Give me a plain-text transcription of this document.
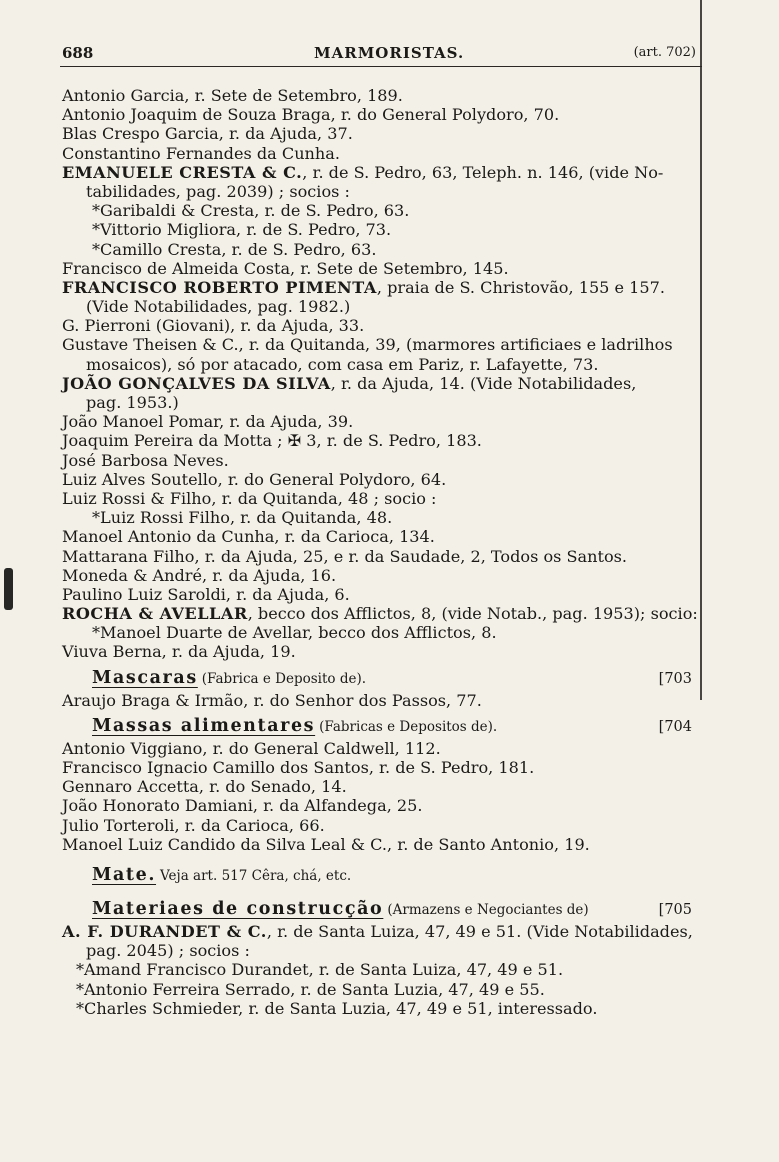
688	MARMORISTAS.	(art. 702)
Antonio Garcia, r. Sete de Setembro, 189.
Antonio Joaquim de Souza Braga, r. do General Polydoro, 70.
Blas Crespo Garcia, r. da Ajuda, 37.
Constantino Fernandes da Cunha.
EMANUELE CRESTA & C., r. de S. Pedro, 63, Teleph. n. 146, (vide No-
tabilidades, pag. 2039) ; socios :
*Garibaldi & Cresta, r. de S. Pedro, 63.
*Vittorio Migliora, r. de S. Pedro, 73.
*Camillo Cresta, r. de S. Pedro, 63.
Francisco de Almeida Costa, r. Sete de Setembro, 145.
FRANCISCO ROBERTO PIMENTA, praia de S. Christovão, 155 e 157.
(Vide Notabilidades, pag. 1982.)
G. Pierroni (Giovani), r. da Ajuda, 33.
Gustave Theisen & C., r. da Quitanda, 39, (marmores artificiaes e ladrilhos
mosaicos), só por atacado, com casa em Pariz, r. Lafayette, 73.
JOÃO GONÇALVES DA SILVA, r. da Ajuda, 14. (Vide Notabilidades,
pag. 1953.)
João Manoel Pomar, r. da Ajuda, 39.
Joaquim Pereira da Motta ; ✠ 3, r. de S. Pedro, 183.
José Barbosa Neves.
Luiz Alves Soutello, r. do General Polydoro, 64.
Luiz Rossi & Filho, r. da Quitanda, 48 ; socio :
*Luiz Rossi Filho, r. da Quitanda, 48.
Manoel Antonio da Cunha, r. da Carioca, 134.
Mattarana Filho, r. da Ajuda, 25, e r. da Saudade, 2, Todos os Santos.
Moneda & André, r. da Ajuda, 16.
Paulino Luiz Saroldi, r. da Ajuda, 6.
ROCHA & AVELLAR, becco dos Afflictos, 8, (vide Notab., pag. 1953); socio:
*Manoel Duarte de Avellar, becco dos Afflictos, 8.
Viuva Berna, r. da Ajuda, 19.
Mascaras (Fabrica e Deposito de).	[703
Araujo Braga & Irmão, r. do Senhor dos Passos, 77.
Massas alimentares (Fabricas e Depositos de).	[704
Antonio Viggiano, r. do General Caldwell, 112.
Francisco Ignacio Camillo dos Santos, r. de S. Pedro, 181.
Gennaro Accetta, r. do Senado, 14.
João Honorato Damiani, r. da Alfandega, 25.
Julio Torteroli, r. da Carioca, 66.
Manoel Luiz Candido da Silva Leal & C., r. de Santo Antonio, 19.
Mate. Veja art. 517 Cêra, chá, etc.
Materiaes de construcção (Armazens e Negociantes de)	[705
A. F. DURANDET & C., r. de Santa Luiza, 47, 49 e 51. (Vide Notabilidades,
pag. 2045) ; socios :
*Amand Francisco Durandet, r. de Santa Luiza, 47, 49 e 51.
*Antonio Ferreira Serrado, r. de Santa Luzia, 47, 49 e 55.
*Charles Schmieder, r. de Santa Luzia, 47, 49 e 51, interessado.
